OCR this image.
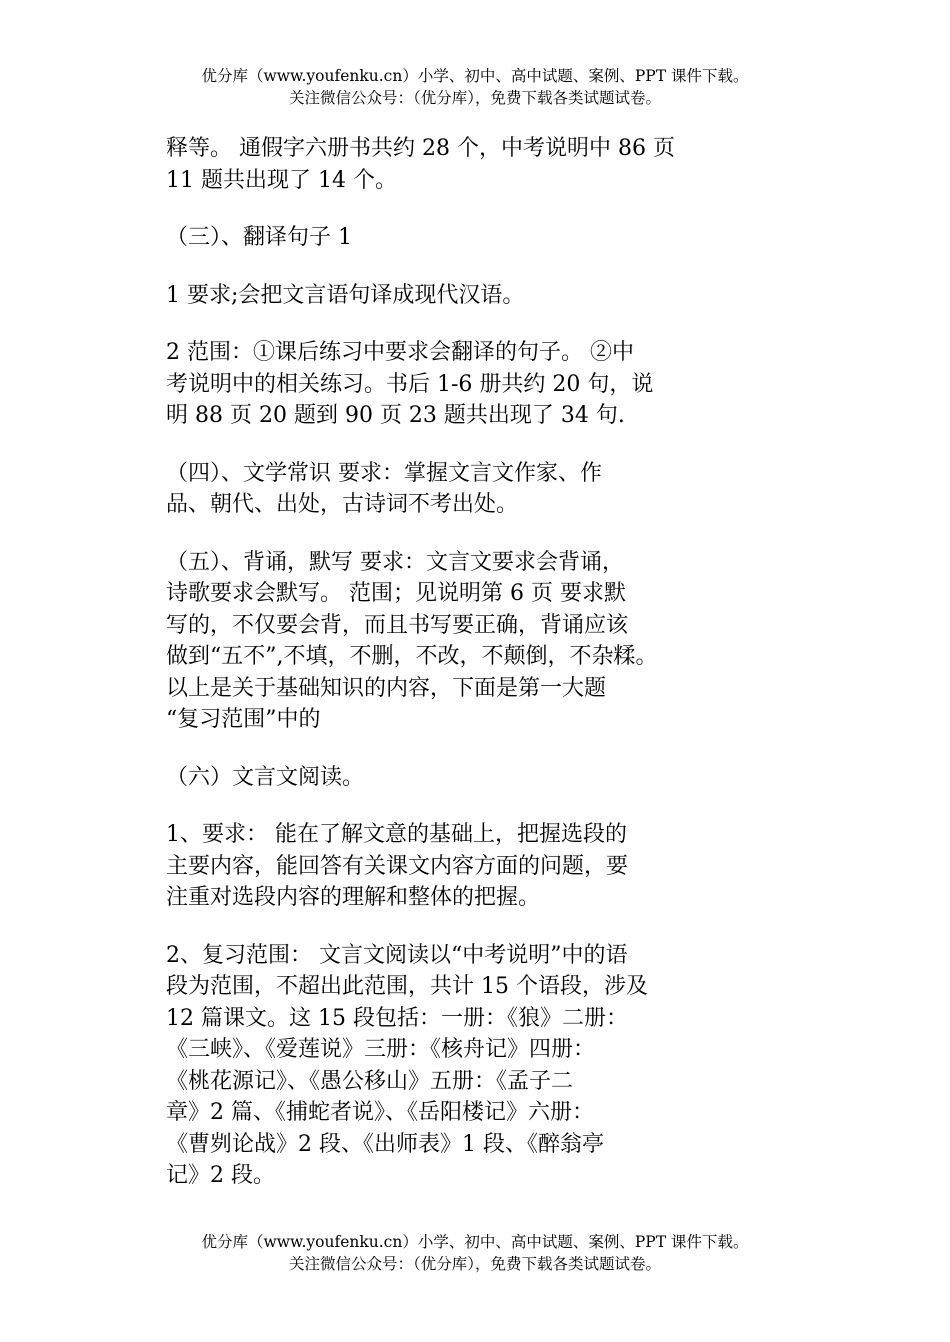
优分库（www.youfenku.cn）小学、初中、高中试题、案例、PPT 课件下载。
关注微信公众号：（优分库），免费下载各类试题试卷。

释等。 通假字六册书共约 28 个，中考说明中 86 页
11 题共出现了 14 个。

（三）、翻译句子 1

1 要求;会把文言语句译成现代汉语。

2 范围：①课后练习中要求会翻译的句子。 ②中
考说明中的相关练习。书后 1-6 册共约 20 句，说
明 88 页 20 题到 90 页 23 题共出现了 34 句.

（四）、文学常识 要求：掌握文言文作家、作
品、朝代、出处，古诗词不考出处。

（五）、背诵，默写 要求：文言文要求会背诵，
诗歌要求会默写。 范围；见说明第 6 页 要求默
写的，不仅要会背，而且书写要正确，背诵应该
做到“五不”,不填，不删，不改，不颠倒，不杂糅。
以上是关于基础知识的内容，下面是第一大题
“复习范围”中的

（六）文言文阅读。

1、要求： 能在了解文意的基础上，把握选段的
主要内容，能回答有关课文内容方面的问题，要
注重对选段内容的理解和整体的把握。

2、复习范围： 文言文阅读以“中考说明”中的语
段为范围，不超出此范围，共计 15 个语段，涉及
12 篇课文。这 15 段包括：一册：《狼》二册：
《三峡》、《爱莲说》三册：《核舟记》四册：
《桃花源记》、《愚公移山》五册：《孟子二
章》2 篇、《捕蛇者说》、《岳阳楼记》六册：
《曹刿论战》2 段、《出师表》1 段、《醉翁亭
记》2 段。

优分库（www.youfenku.cn）小学、初中、高中试题、案例、PPT 课件下载。
关注微信公众号：（优分库），免费下载各类试题试卷。
